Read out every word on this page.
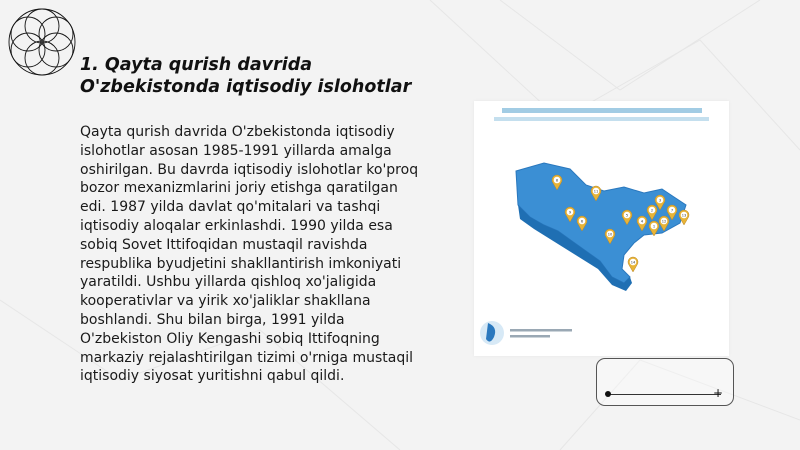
1. Qayta qurish davrida O'zbekistonda iqtisodiy islohotlar

Qayta qurish davrida O'zbekistonda iqtisodiy islohotlar asosan 1985-1991 yillarda amalga oshirilgan. Bu davrda iqtisodiy islohotlar ko'proq bozor mexanizmlarini joriy etishga qaratilgan edi. 1987 yilda davlat qo'mitalari va tashqi iqtisodiy aloqalar erkinlashdi. 1990 yilda esa sobiq Sovet Ittifoqidan mustaqil ravishda respublika byudjetini shakllantirish imkoniyati yaratildi. Ushbu yillarda qishloq xo'jaligida kooperativlar va yirik xo'jaliklar shakllana boshlandi. Shu bilan birga, 1991 yilda O'zbekiston Oliy Kengashi sobiq Ittifoqning markaziy rejalashtirilgan tizimi o'rniga mustaqil iqtisodiy siyosat yuritishni qabul qildi.

8
11
9
6
10
5
4
3
2	7
12
13
1
14
+
